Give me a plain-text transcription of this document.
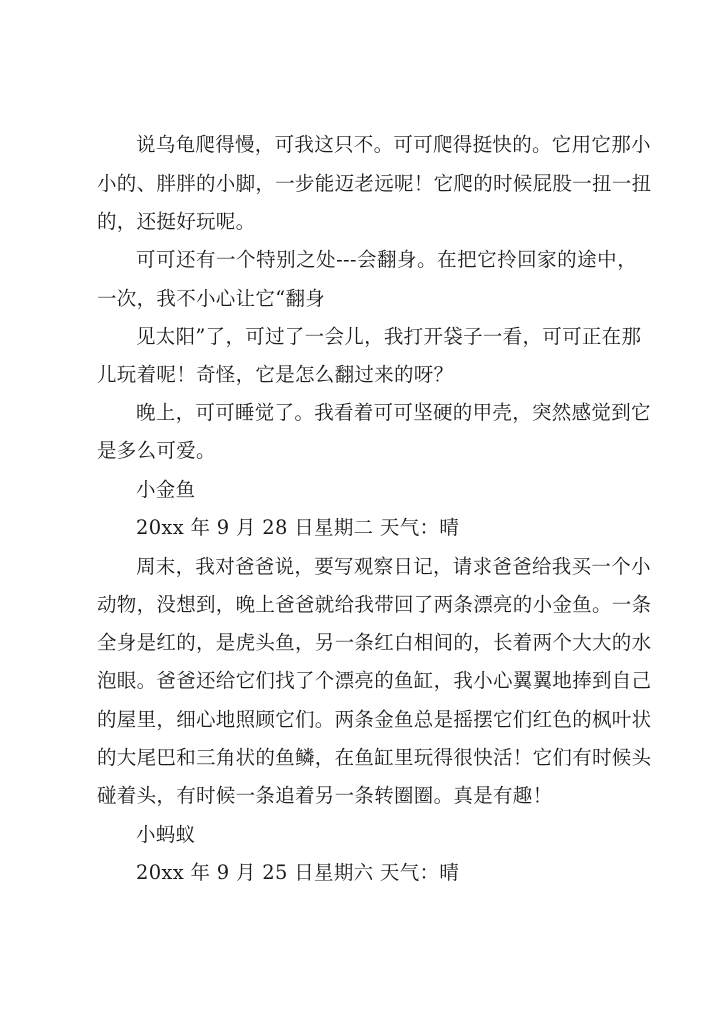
说乌龟爬得慢，可我这只不。可可爬得挺快的。它用它那小
小的、胖胖的小脚，一步能迈老远呢！它爬的时候屁股一扭一扭
的，还挺好玩呢。
可可还有一个特别之处---会翻身。在把它拎回家的途中，
一次，我不小心让它“翻身
见太阳”了，可过了一会儿，我打开袋子一看，可可正在那
儿玩着呢！奇怪，它是怎么翻过来的呀？
晚上，可可睡觉了。我看着可可坚硬的甲壳，突然感觉到它
是多么可爱。
小金鱼
20xx 年 9 月 28 日星期二 天气：晴
周末，我对爸爸说，要写观察日记，请求爸爸给我买一个小
动物，没想到，晚上爸爸就给我带回了两条漂亮的小金鱼。一条
全身是红的，是虎头鱼，另一条红白相间的，长着两个大大的水
泡眼。爸爸还给它们找了个漂亮的鱼缸，我小心翼翼地捧到自己
的屋里，细心地照顾它们。两条金鱼总是摇摆它们红色的枫叶状
的大尾巴和三角状的鱼鳞，在鱼缸里玩得很快活！它们有时候头
碰着头，有时候一条追着另一条转圈圈。真是有趣！
小蚂蚁
20xx 年 9 月 25 日星期六 天气：晴
